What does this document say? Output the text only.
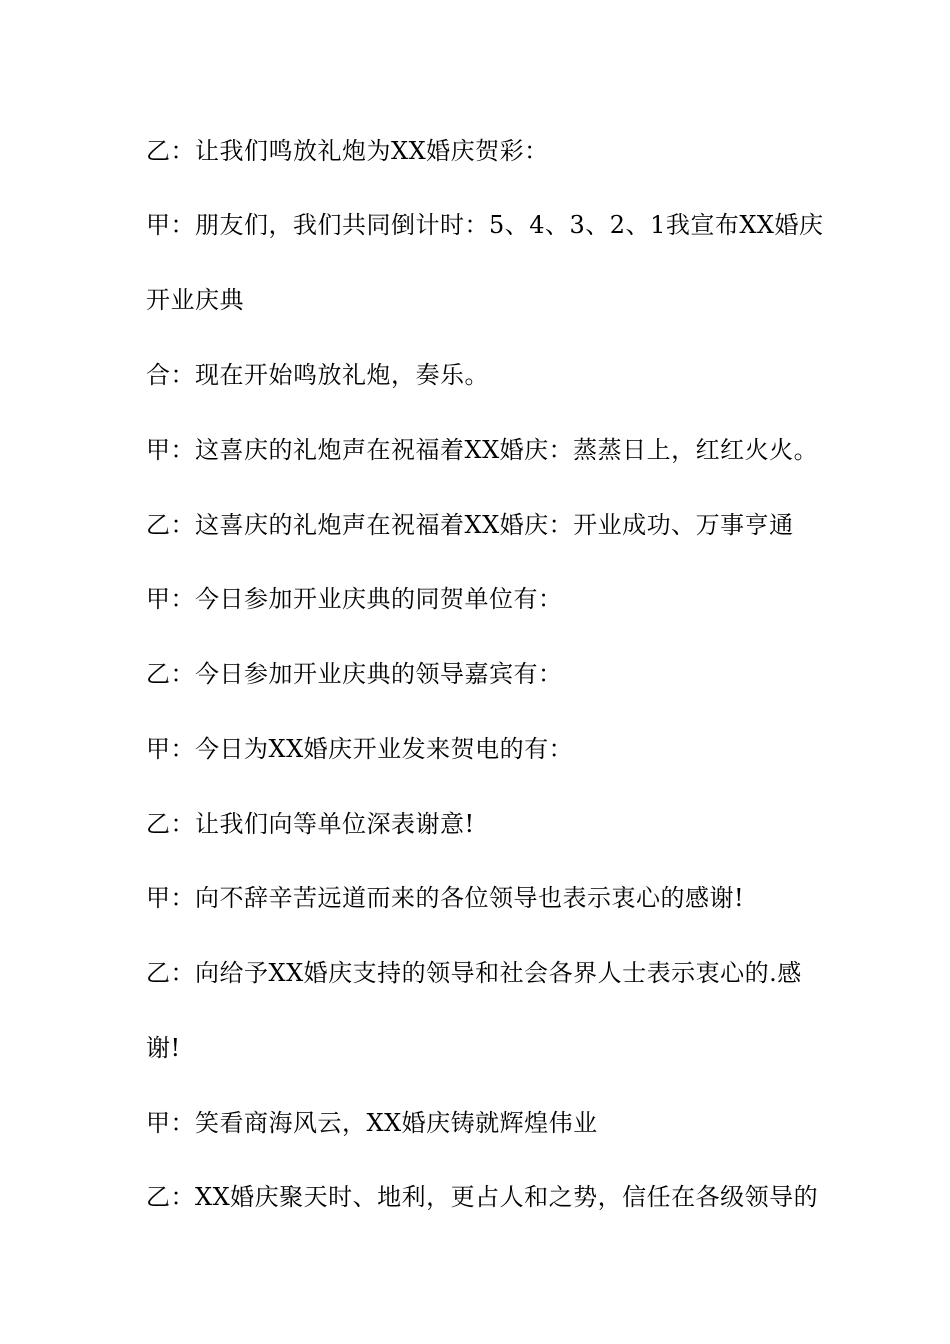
乙：让我们鸣放礼炮为XX婚庆贺彩：
甲：朋友们，我们共同倒计时：5、4、3、2、1我宣布XX婚庆
开业庆典
合：现在开始鸣放礼炮，奏乐。
甲：这喜庆的礼炮声在祝福着XX婚庆：蒸蒸日上，红红火火。
乙：这喜庆的礼炮声在祝福着XX婚庆：开业成功、万事亨通
甲：今日参加开业庆典的同贺单位有：
乙：今日参加开业庆典的领导嘉宾有：
甲：今日为XX婚庆开业发来贺电的有：
乙：让我们向等单位深表谢意!
甲：向不辞辛苦远道而来的各位领导也表示衷心的感谢!
乙：向给予XX婚庆支持的领导和社会各界人士表示衷心的.感
谢!
甲：笑看商海风云，XX婚庆铸就辉煌伟业
乙：XX婚庆聚天时、地利，更占人和之势，信任在各级领导的
